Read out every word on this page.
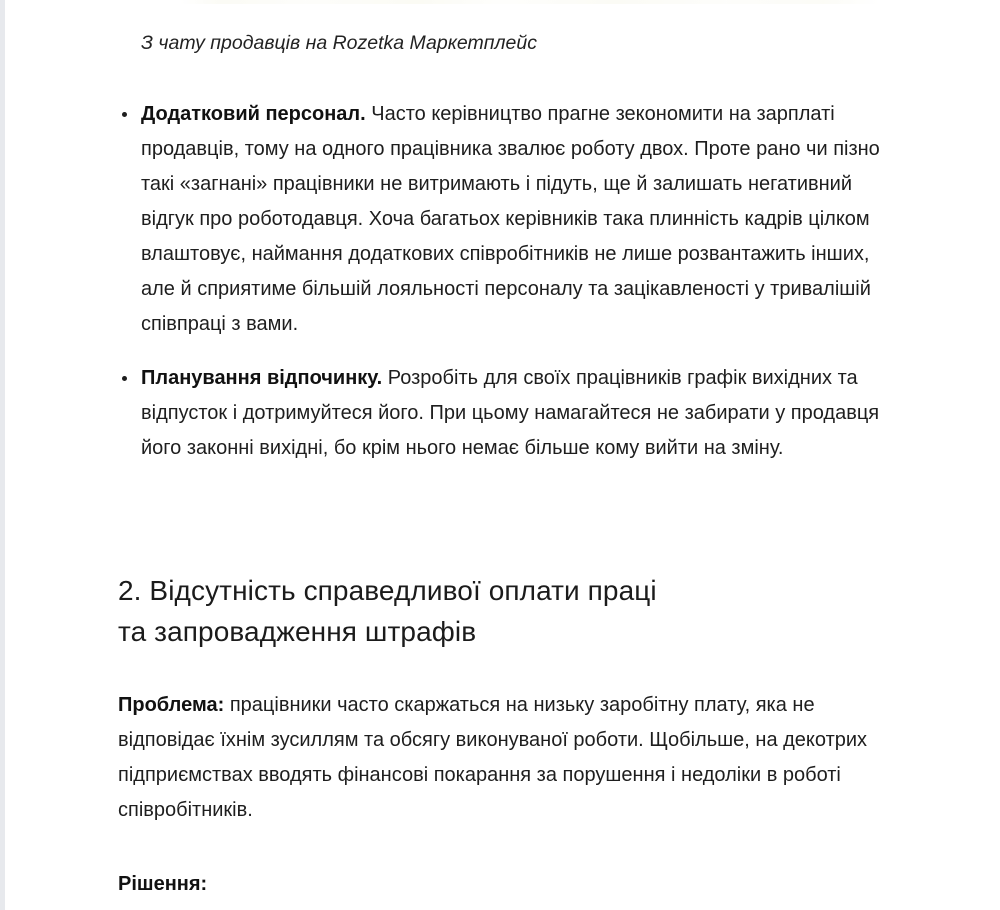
З чату продавців на Rozetka Маркетплейс

Додатковий персонал. Часто керівництво прагне зекономити на зарплаті продавців, тому на одного працівника звалює роботу двох. Проте рано чи пізно такі «загнані» працівники не витримають і підуть, ще й залишать негативний відгук про роботодавця. Хоча багатьох керівників така плинність кадрів цілком влаштовує, наймання додаткових співробітників не лише розвантажить інших, але й сприятиме більшій лояльності персоналу та зацікавленості у тривалішій співпраці з вами.
Планування відпочинку. Розробіть для своїх працівників графік вихідних та відпусток і дотримуйтеся його. При цьому намагайтеся не забирати у продавця його законні вихідні, бо крім нього немає більше кому вийти на зміну.
2. Відсутність справедливої оплати праці
та запровадження штрафів

Проблема: працівники часто скаржаться на низьку заробітну плату, яка не відповідає їхнім зусиллям та обсягу виконуваної роботи. Щобільше, на декотрих підприємствах вводять фінансові покарання за порушення і недоліки в роботі співробітників.

Рішення:
